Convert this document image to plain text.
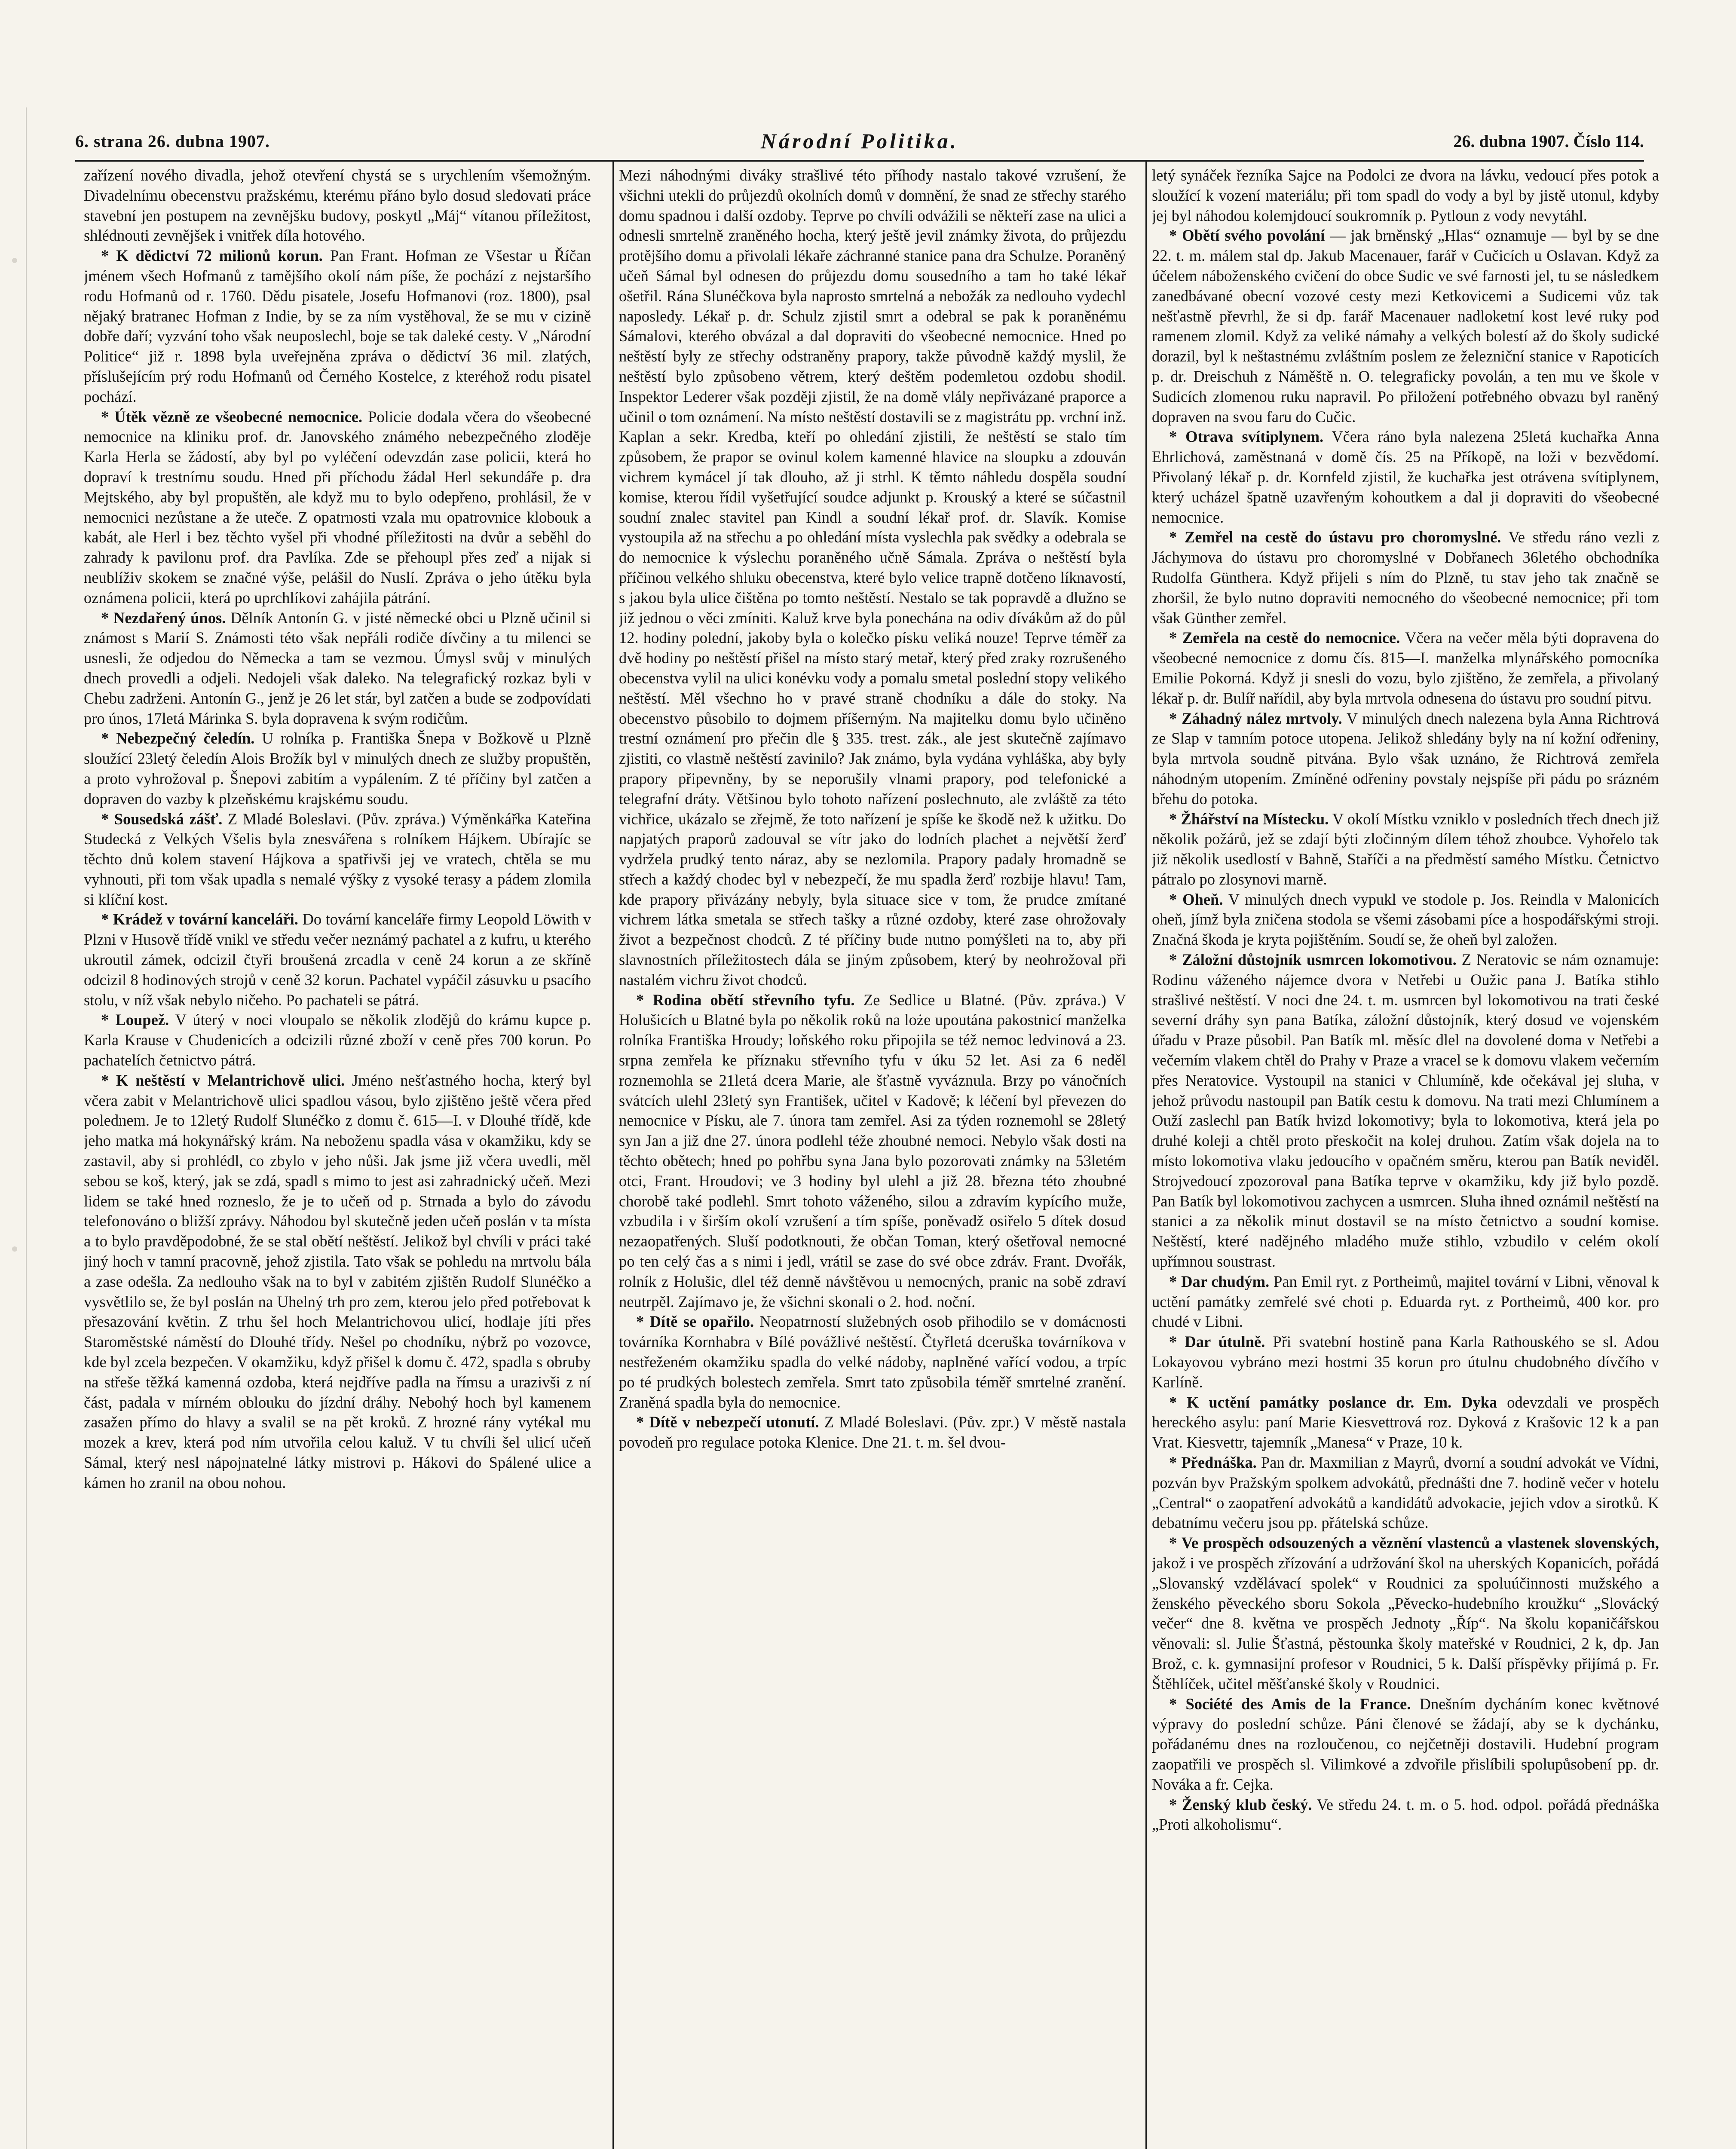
6. strana 26. dubna 1907.	Národní Politika.	26. dubna 1907. Číslo 114.

zařízení nového divadla, jehož otevření chystá se s urychlením všemožným. Divadelnímu obecenstvu pražskému, kterému přáno bylo dosud sledovati práce stavební jen postupem na zevnějšku budovy, poskytl „Máj“ vítanou příležitost, shlédnouti zevnějšek i vnitřek díla hotového.

* K dědictví 72 milionů korun. Pan Frant. Hofman ze Všestar u Říčan jménem všech Hofmanů z tamějšího okolí nám píše, že pochází z nejstaršího rodu Hofmanů od r. 1760. Dědu pisatele, Josefu Hofmanovi (roz. 1800), psal nějaký bratranec Hofman z Indie, by se za ním vystěhoval, že se mu v cizině dobře daří; vyzvání toho však neuposlechl, boje se tak daleké cesty. V „Národní Politice“ již r. 1898 byla uveřejněna zpráva o dědictví 36 mil. zlatých, příslušejícím prý rodu Hofmanů od Černého Kostelce, z kteréhož rodu pisatel pochází.

* Útěk vězně ze všeobecné nemocnice. Policie dodala včera do všeobecné nemocnice na kliniku prof. dr. Janovského známého nebezpečného zloděje Karla Herla se žádostí, aby byl po vyléčení odevzdán zase policii, která ho dopraví k trestnímu soudu. Hned při příchodu žádal Herl sekundáře p. dra Mejtského, aby byl propuštěn, ale když mu to bylo odepřeno, prohlásil, že v nemocnici nezůstane a že uteče. Z opatrnosti vzala mu opatrovnice klobouk a kabát, ale Herl i bez těchto vyšel při vhodné příležitosti na dvůr a seběhl do zahrady k pavilonu prof. dra Pavlíka. Zde se přehoupl přes zeď a nijak si neublíživ skokem se značné výše, pelášil do Nuslí. Zpráva o jeho útěku byla oznámena policii, která po uprchlíkovi zahájila pátrání.

* Nezdařený únos. Dělník Antonín G. v jisté německé obci u Plzně učinil si známost s Marií S. Známosti této však nepřáli rodiče dívčiny a tu milenci se usnesli, že odjedou do Německa a tam se vezmou. Úmysl svůj v minulých dnech provedli a odjeli. Nedojeli však daleko. Na telegrafický rozkaz byli v Chebu zadrženi. Antonín G., jenž je 26 let stár, byl zatčen a bude se zodpovídati pro únos, 17letá Márinka S. byla dopravena k svým rodičům.

* Nebezpečný čeledín. U rolníka p. Františka Šnepa v Božkově u Plzně sloužící 23letý čeledín Alois Brožík byl v minulých dnech ze služby propuštěn, a proto vyhrožoval p. Šnepovi zabitím a vypálením. Z té příčiny byl zatčen a dopraven do vazby k plzeňskému krajskému soudu.

* Sousedská zášť. Z Mladé Boleslavi. (Pův. zpráva.) Výměnkářka Kateřina Studecká z Velkých Všelis byla znesvářena s rolníkem Hájkem. Ubírajíc se těchto dnů kolem stavení Hájkova a spatřivši jej ve vratech, chtěla se mu vyhnouti, při tom však upadla s nemalé výšky z vysoké terasy a pádem zlomila si klíční kost.

* Krádež v tovární kanceláři. Do tovární kanceláře firmy Leopold Löwith v Plzni v Husově třídě vnikl ve středu večer neznámý pachatel a z kufru, u kterého ukroutil zámek, odcizil čtyři broušená zrcadla v ceně 24 korun a ze skříně odcizil 8 hodinových strojů v ceně 32 korun. Pachatel vypáčil zásuvku u psacího stolu, v níž však nebylo ničeho. Po pachateli se pátrá.

* Loupež. V úterý v noci vloupalo se několik zlodějů do krámu kupce p. Karla Krause v Chudenicích a odcizili různé zboží v ceně přes 700 korun. Po pachatelích četnictvo pátrá.

* K neštěstí v Melantrichově ulici. Jméno nešťastného hocha, který byl včera zabit v Melantrichově ulici spadlou vásou, bylo zjištěno ještě včera před polednem. Je to 12letý Rudolf Slunéčko z domu č. 615—I. v Dlouhé třídě, kde jeho matka má hokynářský krám. Na neboženu spadla vása v okamžiku, kdy se zastavil, aby si prohlédl, co zbylo v jeho nůši. Jak jsme již včera uvedli, měl sebou se koš, který, jak se zdá, spadl s mimo to jest asi zahradnický učeň. Mezi lidem se také hned rozneslo, že je to učeň od p. Strnada a bylo do závodu telefonováno o bližší zprávy. Náhodou byl skutečně jeden učeň poslán v ta místa a to bylo pravděpodobné, že se stal obětí neštěstí. Jelikož byl chvíli v práci také jiný hoch v tamní pracovně, jehož zjistila. Tato však se pohledu na mrtvolu bála a zase odešla. Za nedlouho však na to byl v zabitém zjištěn Rudolf Slunéčko a vysvětlilo se, že byl poslán na Uhelný trh pro zem, kterou jelo před potřebovat k přesazování květin. Z trhu šel hoch Melantrichovou ulicí, hodlaje jíti přes Staroměstské náměstí do Dlouhé třídy. Nešel po chodníku, nýbrž po vozovce, kde byl zcela bezpečen. V okamžiku, když přišel k domu č. 472, spadla s obruby na střeše těžká kamenná ozdoba, která nejdříve padla na římsu a urazivši z ní část, padala v mírném oblouku do jízdní dráhy. Nebohý hoch byl kamenem zasažen přímo do hlavy a svalil se na pět kroků. Z hrozné rány vytékal mu mozek a krev, která pod ním utvořila celou kaluž. V tu chvíli šel ulicí učeň Sámal, který nesl nápojnatelné látky mistrovi p. Hákovi do Spálené ulice a kámen ho zranil na obou nohou.

Mezi náhodnými diváky strašlivé této příhody nastalo takové vzrušení, že všichni utekli do průjezdů okolních domů v domnění, že snad ze střechy starého domu spadnou i další ozdoby. Teprve po chvíli odvážili se někteří zase na ulici a odnesli smrtelně zraněného hocha, který ještě jevil známky života, do průjezdu protějšího domu a přivolali lékaře záchranné stanice pana dra Schulze. Poraněný učeň Sámal byl odnesen do průjezdu domu sousedního a tam ho také lékař ošetřil. Rána Slunéčkova byla naprosto smrtelná a nebožák za nedlouho vydechl naposledy. Lékař p. dr. Schulz zjistil smrt a odebral se pak k poraněnému Sámalovi, kterého obvázal a dal dopraviti do všeobecné nemocnice. Hned po neštěstí byly ze střechy odstraněny prapory, takže původně každý myslil, že neštěstí bylo způsobeno větrem, který deštěm podemletou ozdobu shodil. Inspektor Lederer však později zjistil, že na domě vlály nepřivázané praporce a učinil o tom oznámení. Na místo neštěstí dostavili se z magistrátu pp. vrchní inž. Kaplan a sekr. Kredba, kteří po ohledání zjistili, že neštěstí se stalo tím způsobem, že prapor se ovinul kolem kamenné hlavice na sloupku a zdouván vichrem kymácel jí tak dlouho, až ji strhl. K těmto náhledu dospěla soudní komise, kterou řídil vyšetřující soudce adjunkt p. Krouský a které se súčastnil soudní znalec stavitel pan Kindl a soudní lékař prof. dr. Slavík. Komise vystoupila až na střechu a po ohledání místa vyslechla pak svědky a odebrala se do nemocnice k výslechu poraněného učně Sámala. Zpráva o neštěstí byla příčinou velkého shluku obecenstva, které bylo velice trapně dotčeno líknavostí, s jakou byla ulice čištěna po tomto neštěstí. Nestalo se tak popravdě a dlužno se již jednou o věci zmíniti. Kaluž krve byla ponechána na odiv dívákům až do půl 12. hodiny polední, jakoby byla o kolečko písku veliká nouze! Teprve téměř za dvě hodiny po neštěstí přišel na místo starý metař, který před zraky rozrušeného obecenstva vylil na ulici konévku vody a pomalu smetal poslední stopy velikého neštěstí. Měl všechno ho v pravé straně chodníku a dále do stoky. Na obecenstvo působilo to dojmem příšerným. Na majitelku domu bylo učiněno trestní oznámení pro přečin dle § 335. trest. zák., ale jest skutečně zajímavo zjistiti, co vlastně neštěstí zavinilo? Jak známo, byla vydána vyhláška, aby byly prapory připevněny, by se neporušily vlnami prapory, pod telefonické a telegrafní dráty. Většinou bylo tohoto nařízení poslechnuto, ale zvláště za této vichřice, ukázalo se zřejmě, že toto nařízení je spíše ke škodě než k užitku. Do napjatých praporů zadouval se vítr jako do lodních plachet a největší žerď vydržela prudký tento náraz, aby se nezlomila. Prapory padaly hromadně se střech a každý chodec byl v nebezpečí, že mu spadla žerď rozbije hlavu! Tam, kde prapory přivázány nebyly, byla situace sice v tom, že prudce zmítané vichrem látka smetala se střech tašky a různé ozdoby, které zase ohrožovaly život a bezpečnost chodců. Z té příčiny bude nutno pomýšleti na to, aby při slavnostních příležitostech dála se jiným způsobem, který by neohrožoval při nastalém vichru život chodců.

* Rodina obětí střevního tyfu. Ze Sedlice u Blatné. (Pův. zpráva.) V Holušicích u Blatné byla po několik roků na loże upoutána pakostnicí manželka rolníka Františka Hroudy; loňského roku připojila se též nemoc ledvinová a 23. srpna zemřela ke příznaku střevního tyfu v úku 52 let. Asi za 6 neděl roznemohla se 21letá dcera Marie, ale šťastně vyváznula. Brzy po vánočních svátcích ulehl 23letý syn František, učitel v Kadově; k léčení byl převezen do nemocnice v Písku, ale 7. února tam zemřel. Asi za týden roznemohl se 28letý syn Jan a již dne 27. února podlehl téže zhoubné nemoci. Nebylo však dosti na těchto obětech; hned po pohřbu syna Jana bylo pozorovati známky na 53letém otci, Frant. Hroudovi; ve 3 hodiny byl ulehl a již 28. března této zhoubné chorobě také podlehl. Smrt tohoto váženého, silou a zdravím kypícího muže, vzbudila i v širším okolí vzrušení a tím spíše, poněvadž osiřelo 5 dítek dosud nezaopatřených. Sluší podotknouti, že občan Toman, který ošetřoval nemocné po ten celý čas a s nimi i jedl, vrátil se zase do své obce zdráv. Frant. Dvořák, rolník z Holušic, dlel též denně návštěvou u nemocných, pranic na sobě zdraví neutrpěl. Zajímavo je, že všichni skonali o 2. hod. noční.

* Dítě se opařilo. Neopatrností služebných osob přihodilo se v domácnosti továrníka Kornhabra v Bílé povážlivé neštěstí. Čtyřletá dceruška továrníkova v nestřeženém okamžiku spadla do velké nádoby, naplněné vařící vodou, a trpíc po té prudkých bolestech zemřela. Smrt tato způsobila téměř smrtelné zranění. Zraněná spadla byla do nemocnice.

* Dítě v nebezpečí utonutí. Z Mladé Boleslavi. (Pův. zpr.) V městě nastala povodeň pro regulace potoka Klenice. Dne 21. t. m. šel dvou-

letý synáček řezníka Sajce na Podolci ze dvora na lávku, vedoucí přes potok a sloužící k vození materiálu; při tom spadl do vody a byl by jistě utonul, kdyby jej byl náhodou kolemjdoucí soukromník p. Pytloun z vody nevytáhl.

* Obětí svého povolání — jak brněnský „Hlas“ oznamuje — byl by se dne 22. t. m. málem stal dp. Jakub Macenauer, farář v Cučicích u Oslavan. Když za účelem náboženského cvičení do obce Sudic ve své farnosti jel, tu se následkem zanedbávané obecní vozové cesty mezi Ketkovicemi a Sudicemi vůz tak nešťastně převrhl, že si dp. farář Macenauer nadloketní kost levé ruky pod ramenem zlomil. Když za veliké námahy a velkých bolestí až do školy sudické dorazil, byl k neštastnému zvláštním poslem ze železniční stanice v Rapoticích p. dr. Dreischuh z Náměště n. O. telegraficky povolán, a ten mu ve škole v Sudicích zlomenou ruku napravil. Po přiložení potřebného obvazu byl raněný dopraven na svou faru do Cučic.

* Otrava svítiplynem. Včera ráno byla nalezena 25letá kuchařka Anna Ehrlichová, zaměstnaná v domě čís. 25 na Příkopě, na loži v bezvědomí. Přivolaný lékař p. dr. Kornfeld zjistil, že kuchařka jest otrávena svítiplynem, který ucházel špatně uzavřeným kohoutkem a dal ji dopraviti do všeobecné nemocnice.

* Zemřel na cestě do ústavu pro choromyslné. Ve středu ráno vezli z Jáchymova do ústavu pro choromyslné v Dobřanech 36letého obchodníka Rudolfa Günthera. Když přijeli s ním do Plzně, tu stav jeho tak značně se zhoršil, že bylo nutno dopraviti nemocného do všeobecné nemocnice; při tom však Günther zemřel.

* Zemřela na cestě do nemocnice. Včera na večer měla býti dopravena do všeobecné nemocnice z domu čís. 815—I. manželka mlynářského pomocníka Emilie Pokorná. Když ji snesli do vozu, bylo zjištěno, že zemřela, a přivolaný lékař p. dr. Bulíř nařídil, aby byla mrtvola odnesena do ústavu pro soudní pitvu.

* Záhadný nález mrtvoly. V minulých dnech nalezena byla Anna Richtrová ze Slap v tamním potoce utopena. Jelikož shledány byly na ní kožní odřeniny, byla mrtvola soudně pitvána. Bylo však uznáno, že Richtrová zemřela náhodným utopením. Zmíněné odřeniny povstaly nejspíše při pádu po srázném břehu do potoka.

* Žhářství na Místecku. V okolí Místku vzniklo v posledních třech dnech již několik požárů, jež se zdají býti zločinným dílem téhož zhoubce. Vyhořelo tak již několik usedlostí v Bahně, Staříči a na předměstí samého Místku. Četnictvo pátralo po zlosynovi marně.

* Oheň. V minulých dnech vypukl ve stodole p. Jos. Reindla v Malonicích oheň, jímž byla zničena stodola se všemi zásobami píce a hospodářskými stroji. Značná škoda je kryta pojištěním. Soudí se, že oheň byl založen.

* Záložní důstojník usmrcen lokomotivou. Z Neratovic se nám oznamuje: Rodinu váženého nájemce dvora v Netřebi u Oužic pana J. Batíka stihlo strašlivé neštěstí. V noci dne 24. t. m. usmrcen byl lokomotivou na trati české severní dráhy syn pana Batíka, záložní důstojník, který dosud ve vojenském úřadu v Praze působil. Pan Batík ml. měsíc dlel na dovolené doma v Netřebi a večerním vlakem chtěl do Prahy v Praze a vracel se k domovu vlakem večerním přes Neratovice. Vystoupil na stanici v Chlumíně, kde očekával jej sluha, v jehož průvodu nastoupil pan Batík cestu k domovu. Na trati mezi Chlumínem a Ouží zaslechl pan Batík hvizd lokomotivy; byla to lokomotiva, která jela po druhé koleji a chtěl proto přeskočit na kolej druhou. Zatím však dojela na to místo lokomotiva vlaku jedoucího v opačném směru, kterou pan Batík neviděl. Strojvedoucí zpozoroval pana Batíka teprve v okamžiku, kdy již bylo pozdě. Pan Batík byl lokomotivou zachycen a usmrcen. Sluha ihned oznámil neštěstí na stanici a za několik minut dostavil se na místo četnictvo a soudní komise. Neštěstí, které nadějného mladého muže stihlo, vzbudilo v celém okolí upřímnou soustrast.

* Dar chudým. Pan Emil ryt. z Portheimů, majitel tovární v Libni, věnoval k uctění památky zemřelé své choti p. Eduarda ryt. z Portheimů, 400 kor. pro chudé v Libni.

* Dar útulně. Při svatební hostině pana Karla Rathouského se sl. Adou Lokayovou vybráno mezi hostmi 35 korun pro útulnu chudobného dívčího v Karlíně.

* K uctění památky poslance dr. Em. Dyka odevzdali ve prospěch hereckého asylu: paní Marie Kiesvettrová roz. Dyková z Krašovic 12 k a pan Vrat. Kiesvettr, tajemník „Manesa“ v Praze, 10 k.

* Přednáška. Pan dr. Maxmilian z Mayrů, dvorní a soudní advokát ve Vídni, pozván byv Pražským spolkem advokátů, přednášti dne 7. hodině večer v hotelu „Central“ o zaopatření advokátů a kandidátů advokacie, jejich vdov a sirotků. K debatnímu večeru jsou pp. přátelská schůze.

* Ve prospěch odsouzených a věznění vlastenců a vlastenek slovenských, jakož i ve prospěch zřízování a udržování škol na uherských Kopanicích, pořádá „Slovanský vzdělávací spolek“ v Roudnici za spoluúčinnosti mužského a ženského pěveckého sboru Sokola „Pěvecko-hudebního kroužku“ „Slovácký večer“ dne 8. května ve prospěch Jednoty „Říp“. Na školu kopaničářskou věnovali: sl. Julie Šťastná, pěstounka školy mateřské v Roudnici, 2 k, dp. Jan Brož, c. k. gymnasijní profesor v Roudnici, 5 k. Další příspěvky přijímá p. Fr. Štěhlíček, učitel měšťanské školy v Roudnici.

* Société des Amis de la France. Dnešním dycháním konec květnové výpravy do poslední schůze. Páni členové se žádají, aby se k dychánku, pořádanému dnes na rozloučenou, co nejčetněji dostavili. Hudební program zaopatřili ve prospěch sl. Vilimkové a zdvořile přislíbili spolupůsobení pp. dr. Nováka a fr. Cejka.

* Ženský klub český. Ve středu 24. t. m. o 5. hod. odpol. pořádá přednáška „Proti alkoholismu“.
